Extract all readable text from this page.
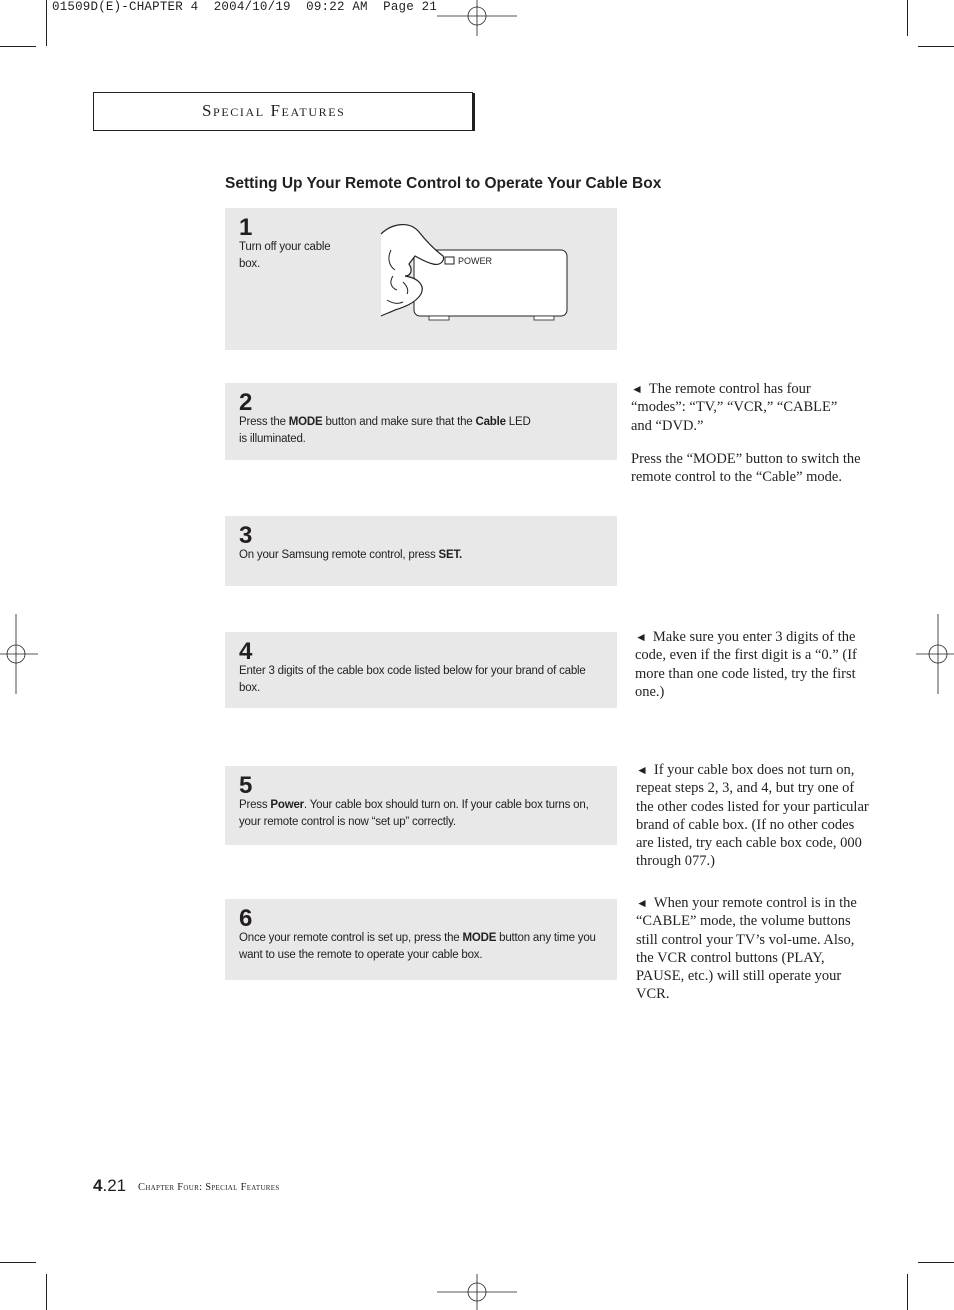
01509D(E)-CHAPTER 4  2004/10/19  09:22 AM  Page 21
Special Features
Setting Up Your Remote Control to Operate Your Cable Box
1
Turn off your cable box.	POWER
2
Press the MODE button and make sure that the Cable LED is illuminated.
3
On your Samsung remote control, press SET.
4
Enter 3 digits of the cable box code listed below for your brand of cable box.
5
Press Power. Your cable box should turn on. If your cable box turns on, your remote control is now “set up” correctly.
6
Once your remote control is set up, press the MODE button any time you want to use the remote to operate your cable box.
◄ The remote control has four “modes”: “TV,” “VCR,” “CABLE” and “DVD.”
Press the “MODE” button to switch the remote control to the “Cable” mode.
◄ Make sure you enter 3 digits of the code, even if the first digit is a “0.” (If more than one code listed, try the first one.)
◄ If your cable box does not turn on, repeat steps 2, 3, and 4, but try one of the other codes listed for your particular brand of cable box. (If no other codes are listed, try each cable box code, 000 through 077.)
◄ When your remote control is in the “CABLE” mode, the volume buttons still control your TV’s vol-ume. Also, the VCR control buttons (PLAY, PAUSE, etc.) will still operate your VCR.
4.21 Chapter Four: Special Features
